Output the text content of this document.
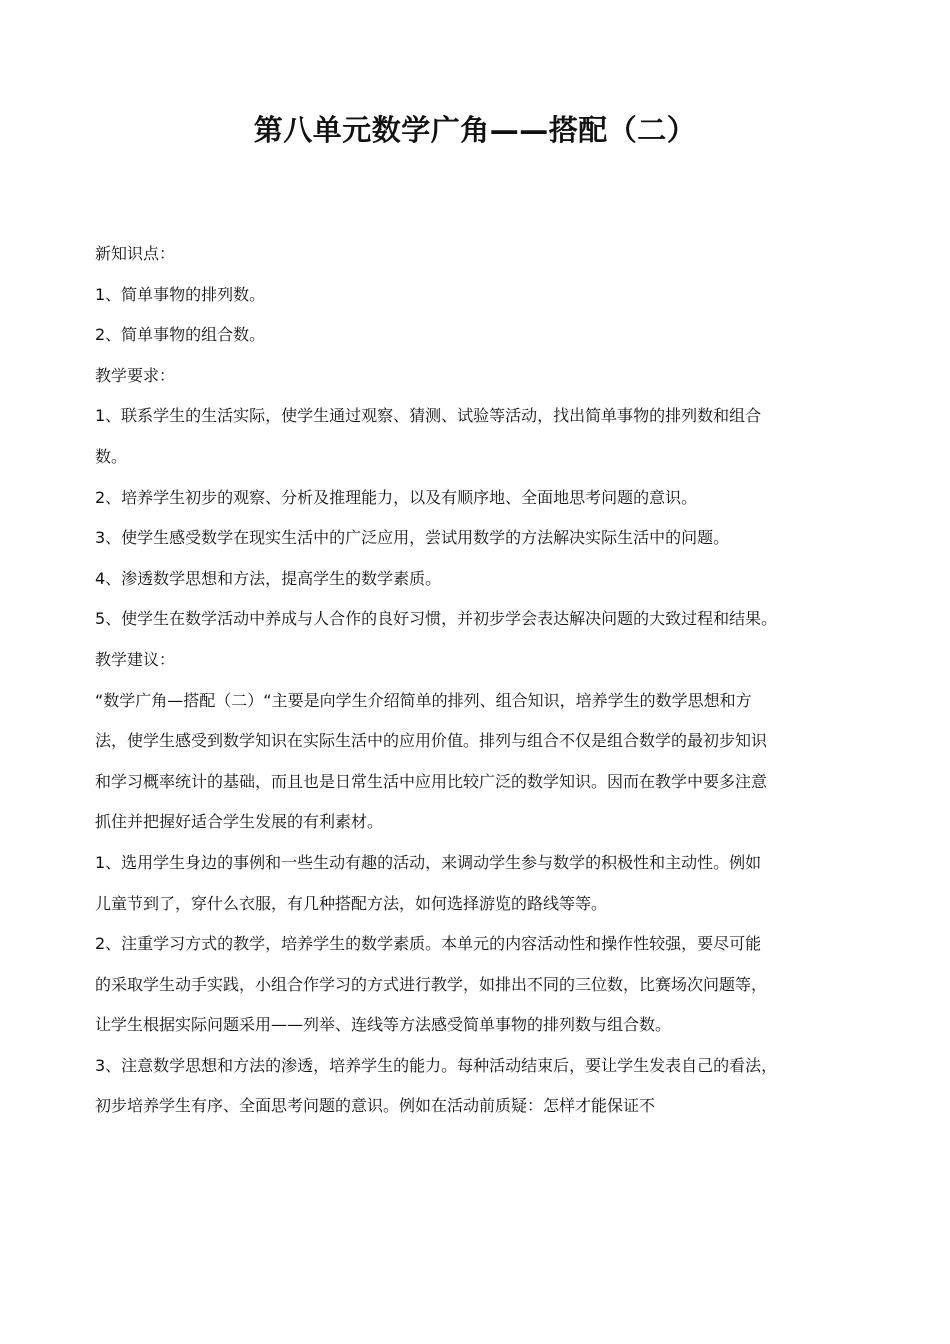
第八单元数学广角——搭配（二）

新知识点：

1、简单事物的排列数。

2、简单事物的组合数。

教学要求：

1、联系学生的生活实际，使学生通过观察、猜测、试验等活动，找出简单事物的排列数和组合

数。

2、培养学生初步的观察、分析及推理能力，以及有顺序地、全面地思考问题的意识。

3、使学生感受数学在现实生活中的广泛应用，尝试用数学的方法解决实际生活中的问题。

4、渗透数学思想和方法，提高学生的数学素质。

5、使学生在数学活动中养成与人合作的良好习惯，并初步学会表达解决问题的大致过程和结果。

教学建议：

“数学广角—搭配（二）“主要是向学生介绍简单的排列、组合知识，培养学生的数学思想和方

法，使学生感受到数学知识在实际生活中的应用价值。排列与组合不仅是组合数学的最初步知识

和学习概率统计的基础，而且也是日常生活中应用比较广泛的数学知识。因而在教学中要多注意

抓住并把握好适合学生发展的有利素材。

1、选用学生身边的事例和一些生动有趣的活动，来调动学生参与数学的积极性和主动性。例如

儿童节到了，穿什么衣服，有几种搭配方法，如何选择游览的路线等等。

2、注重学习方式的教学，培养学生的数学素质。本单元的内容活动性和操作性较强，要尽可能

的采取学生动手实践，小组合作学习的方式进行教学，如排出不同的三位数，比赛场次问题等，

让学生根据实际问题采用——列举、连线等方法感受简单事物的排列数与组合数。

3、注意数学思想和方法的渗透，培养学生的能力。每种活动结束后，要让学生发表自己的看法，

初步培养学生有序、全面思考问题的意识。例如在活动前质疑：怎样才能保证不
